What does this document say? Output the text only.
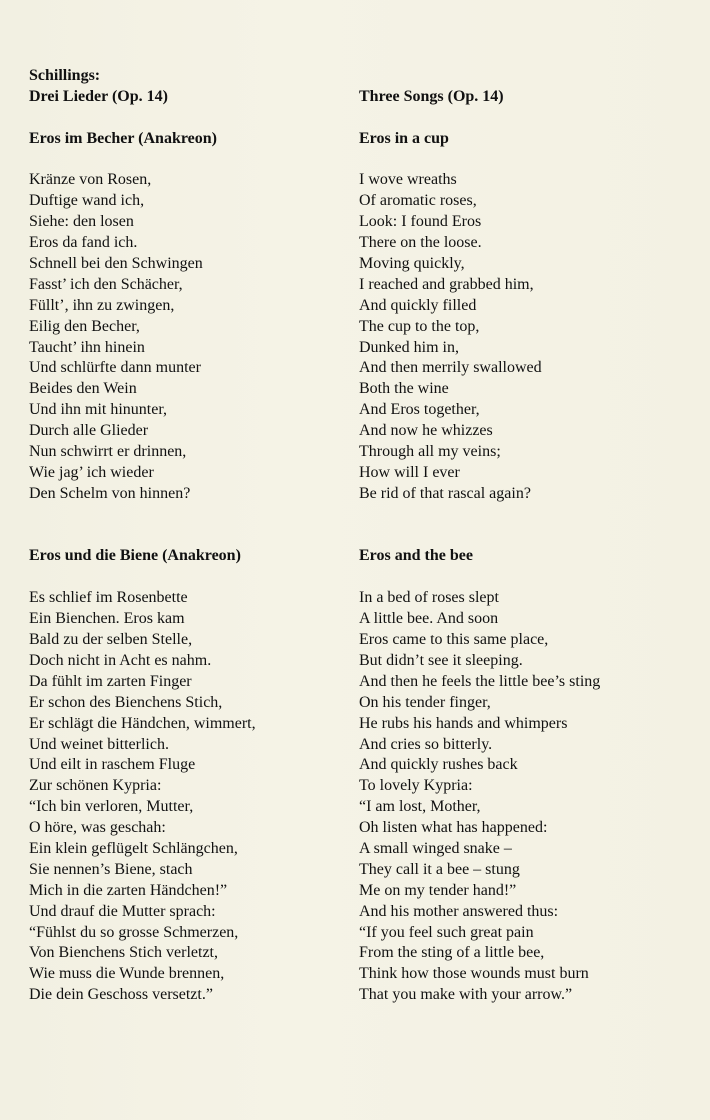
Schillings:
Drei Lieder (Op. 14)
Eros im Becher (Anakreon)
Kränze von Rosen,
Duftige wand ich,
Siehe: den losen
Eros da fand ich.
Schnell bei den Schwingen
Fasst’ ich den Schächer,
Füllt’, ihn zu zwingen,
Eilig den Becher,
Taucht’ ihn hinein
Und schlürfte dann munter
Beides den Wein
Und ihn mit hinunter,
Durch alle Glieder
Nun schwirrt er drinnen,
Wie jag’ ich wieder
Den Schelm von hinnen?
Eros und die Biene (Anakreon)
Es schlief im Rosenbette
Ein Bienchen. Eros kam
Bald zu der selben Stelle,
Doch nicht in Acht es nahm.
Da fühlt im zarten Finger
Er schon des Bienchens Stich,
Er schlägt die Händchen, wimmert,
Und weinet bitterlich.
Und eilt in raschem Fluge
Zur schönen Kypria:
“Ich bin verloren, Mutter,
O höre, was geschah:
Ein klein geflügelt Schlängchen,
Sie nennen’s Biene, stach
Mich in die zarten Händchen!”
Und drauf die Mutter sprach:
“Fühlst du so grosse Schmerzen,
Von Bienchens Stich verletzt,
Wie muss die Wunde brennen,
Die dein Geschoss versetzt.”
Three Songs (Op. 14)
Eros in a cup
I wove wreaths
Of aromatic roses,
Look: I found Eros
There on the loose.
Moving quickly,
I reached and grabbed him,
And quickly filled
The cup to the top,
Dunked him in,
And then merrily swallowed
Both the wine
And Eros together,
And now he whizzes
Through all my veins;
How will I ever
Be rid of that rascal again?
Eros and the bee
In a bed of roses slept
A little bee. And soon
Eros came to this same place,
But didn’t see it sleeping.
And then he feels the little bee’s sting
On his tender finger,
He rubs his hands and whimpers
And cries so bitterly.
And quickly rushes back
To lovely Kypria:
“I am lost, Mother,
Oh listen what has happened:
A small winged snake –
They call it a bee – stung
Me on my tender hand!”
And his mother answered thus:
“If you feel such great pain
From the sting of a little bee,
Think how those wounds must burn
That you make with your arrow.”
